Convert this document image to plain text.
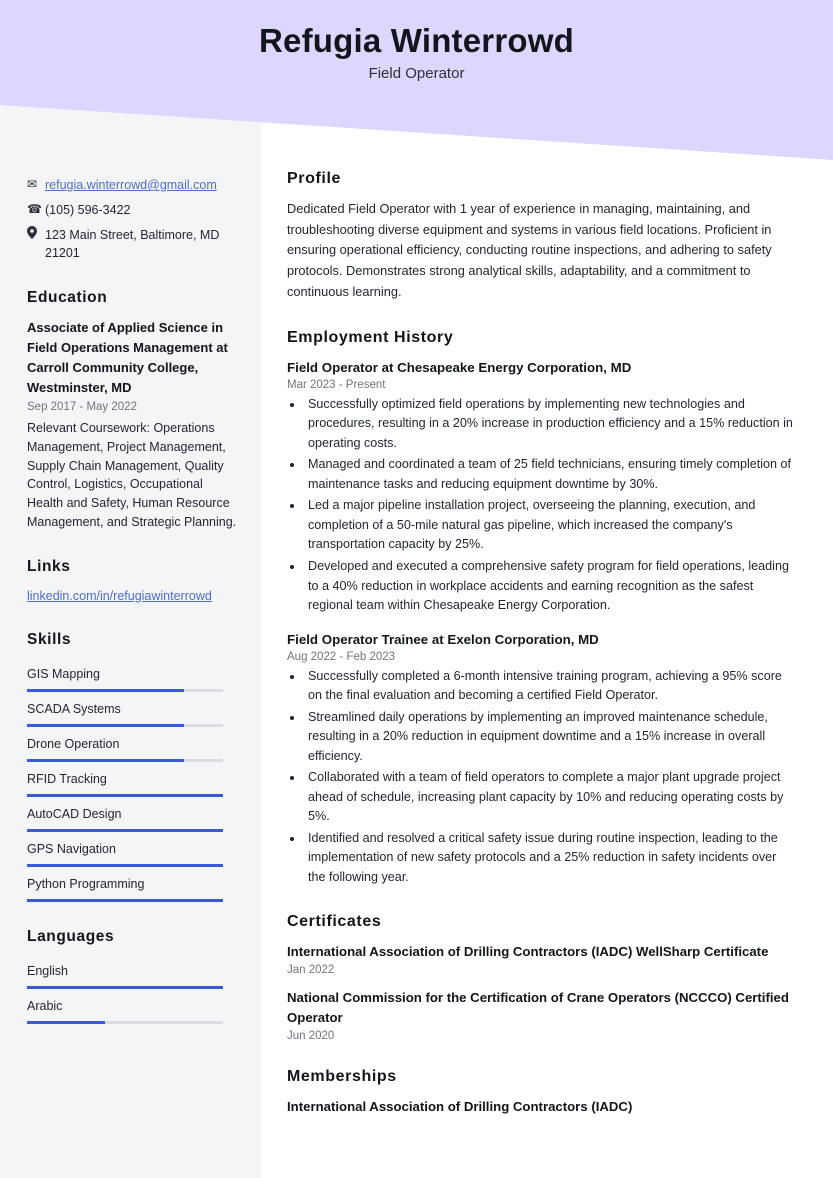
✉ refugia.winterrowd@gmail.com
☎ (105) 596-3422
123 Main Street, Baltimore, MD 21201
Education
Associate of Applied Science in Field Operations Management at Carroll Community College, Westminster, MD
Sep 2017 - May 2022
Relevant Coursework: Operations Management, Project Management, Supply Chain Management, Quality Control, Logistics, Occupational Health and Safety, Human Resource Management, and Strategic Planning.
Links
linkedin.com/in/refugiawinterrowd
Skills
GIS Mapping
SCADA Systems
Drone Operation
RFID Tracking
AutoCAD Design
GPS Navigation
Python Programming
Languages
English
Arabic
Refugia Winterrowd
Field Operator
Profile

Dedicated Field Operator with 1 year of experience in managing, maintaining, and troubleshooting diverse equipment and systems in various field locations. Proficient in ensuring operational efficiency, conducting routine inspections, and adhering to safety protocols. Demonstrates strong analytical skills, adaptability, and a commitment to continuous learning.

Employment History
Field Operator at Chesapeake Energy Corporation, MD
Mar 2023 - Present
• Successfully optimized field operations by implementing new technologies and procedures, resulting in a 20% increase in production efficiency and a 15% reduction in operating costs.
• Managed and coordinated a team of 25 field technicians, ensuring timely completion of maintenance tasks and reducing equipment downtime by 30%.
• Led a major pipeline installation project, overseeing the planning, execution, and completion of a 50-mile natural gas pipeline, which increased the company's transportation capacity by 25%.
• Developed and executed a comprehensive safety program for field operations, leading to a 40% reduction in workplace accidents and earning recognition as the safest regional team within Chesapeake Energy Corporation.
Field Operator Trainee at Exelon Corporation, MD
Aug 2022 - Feb 2023
• Successfully completed a 6-month intensive training program, achieving a 95% score on the final evaluation and becoming a certified Field Operator.
• Streamlined daily operations by implementing an improved maintenance schedule, resulting in a 20% reduction in equipment downtime and a 15% increase in overall efficiency.
• Collaborated with a team of field operators to complete a major plant upgrade project ahead of schedule, increasing plant capacity by 10% and reducing operating costs by 5%.
• Identified and resolved a critical safety issue during routine inspection, leading to the implementation of new safety protocols and a 25% reduction in safety incidents over the following year.
Certificates
International Association of Drilling Contractors (IADC) WellSharp Certificate
Jan 2022
National Commission for the Certification of Crane Operators (NCCCO) Certified Operator
Jun 2020
Memberships
International Association of Drilling Contractors (IADC)
